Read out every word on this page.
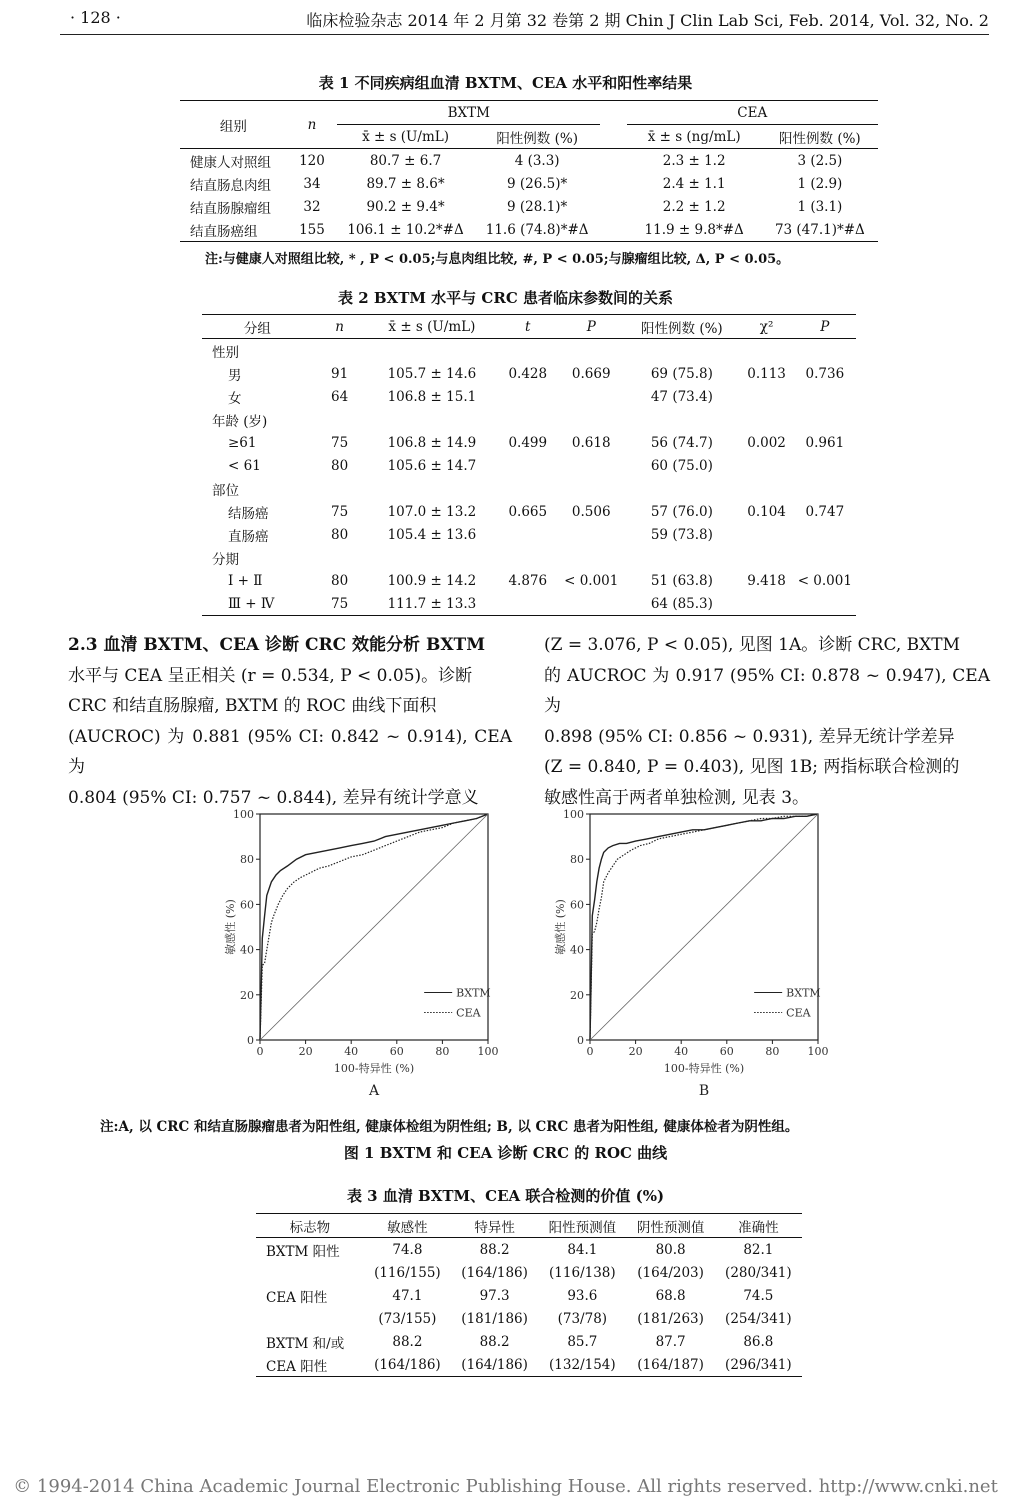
· 128 ·	临床检验杂志 2014 年 2 月第 32 卷第 2 期 Chin J Clin Lab Sci, Feb. 2014, Vol. 32, No. 2
表 1 不同疾病组血清 BXTM、CEA 水平和阳性率结果
组别	n	BXTM			CEA	
		x̄ ± s (U/mL)	阳性例数 (%)		x̄ ± s (ng/mL)	阳性例数 (%)
健康人对照组	120	80.7 ± 6.7	4 (3.3)		2.3 ± 1.2	3 (2.5)
结直肠息肉组	34	89.7 ± 8.6*	9 (26.5)*		2.4 ± 1.1	1 (2.9)
结直肠腺瘤组	32	90.2 ± 9.4*	9 (28.1)*		2.2 ± 1.2	1 (3.1)
结直肠癌组	155	106.1 ± 10.2*#Δ	11.6 (74.8)*#Δ		11.9 ± 9.8*#Δ	73 (47.1)*#Δ
注:与健康人对照组比较, * , P < 0.05;与息肉组比较, #, P < 0.05;与腺瘤组比较, Δ, P < 0.05。
表 2 BXTM 水平与 CRC 患者临床参数间的关系
分组	n	x̄ ± s (U/mL)	t	P	阳性例数 (%)	χ²	P
性别							
男	91	105.7 ± 14.6	0.428	0.669	69 (75.8)	0.113	0.736
女	64	106.8 ± 15.1			47 (73.4)		
年龄 (岁)							
≥61	75	106.8 ± 14.9	0.499	0.618	56 (74.7)	0.002	0.961
< 61	80	105.6 ± 14.7			60 (75.0)		
部位							
结肠癌	75	107.0 ± 13.2	0.665	0.506	57 (76.0)	0.104	0.747
直肠癌	80	105.4 ± 13.6			59 (73.8)		
分期							
Ⅰ + Ⅱ	80	100.9 ± 14.2	4.876	< 0.001	51 (63.8)	9.418	< 0.001
Ⅲ + Ⅳ	75	111.7 ± 13.3			64 (85.3)		

2.3 血清 BXTM、CEA 诊断 CRC 效能分析 BXTM

水平与 CEA 呈正相关 (r = 0.534, P < 0.05)。诊断

CRC 和结直肠腺瘤, BXTM 的 ROC 曲线下面积

(AUCROC) 为 0.881 (95% CI: 0.842 ~ 0.914), CEA 为

0.804 (95% CI: 0.757 ~ 0.844), 差异有统计学意义

(Z = 3.076, P < 0.05), 见图 1A。诊断 CRC, BXTM

的 AUCROC 为 0.917 (95% CI: 0.878 ~ 0.947), CEA 为

0.898 (95% CI: 0.856 ~ 0.931), 差异无统计学差异

(Z = 0.840, P = 0.403), 见图 1B; 两指标联合检测的

敏感性高于两者单独检测, 见表 3。

0	20	40	60	80	100
0
20
40
60
80
100
BXTM
CEA
100-特异性 (%)
敏感性 (%)
A
0	20	40	60	80	100
0
20
40
60
80
100
BXTM
CEA
100-特异性 (%)
敏感性 (%)
B
注:A, 以 CRC 和结直肠腺瘤患者为阳性组, 健康体检组为阴性组; B, 以 CRC 患者为阳性组, 健康体检者为阴性组。
图 1 BXTM 和 CEA 诊断 CRC 的 ROC 曲线
表 3 血清 BXTM、CEA 联合检测的价值 (%)
标志物	敏感性	特异性	阳性预测值	阴性预测值	准确性
BXTM 阳性	74.8	88.2	84.1	80.8	82.1
	(116/155)	(164/186)	(116/138)	(164/203)	(280/341)
CEA 阳性	47.1	97.3	93.6	68.8	74.5
	(73/155)	(181/186)	(73/78)	(181/263)	(254/341)
BXTM 和/或	88.2	88.2	85.7	87.7	86.8
CEA 阳性	(164/186)	(164/186)	(132/154)	(164/187)	(296/341)
© 1994-2014 China Academic Journal Electronic Publishing House. All rights reserved. http://www.cnki.net
